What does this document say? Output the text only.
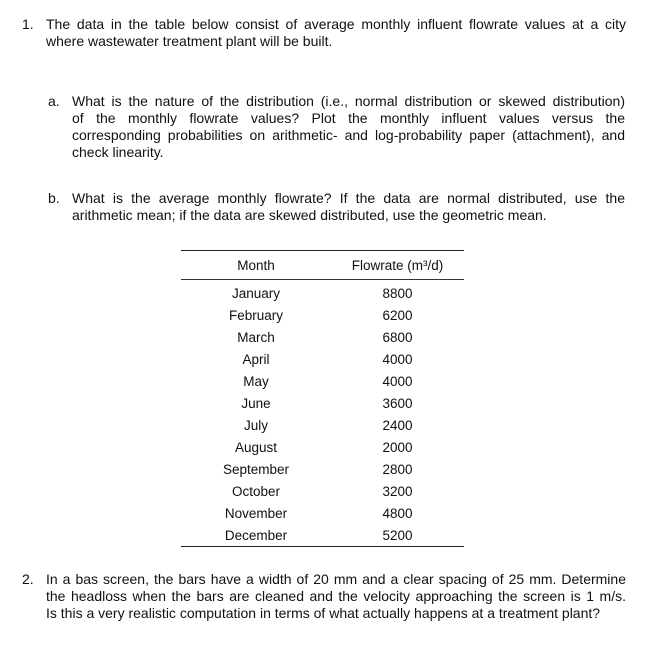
1. The data in the table below consist of average monthly influent flowrate values at a city
where wastewater treatment plant will be built.
a. What is the nature of the distribution (i.e., normal distribution or skewed distribution)
of the monthly flowrate values? Plot the monthly influent values versus the
corresponding probabilities on arithmetic- and log-probability paper (attachment), and
check linearity.
b. What is the average monthly flowrate? If the data are normal distributed, use the
arithmetic mean; if the data are skewed distributed, use the geometric mean.
Month	Flowrate (m³/d)
January	8800
February	6200
March	6800
April	4000
May	4000
June	3600
July	2400
August	2000
September	2800
October	3200
November	4800
December	5200
2. In a bas screen, the bars have a width of 20 mm and a clear spacing of 25 mm. Determine
the headloss when the bars are cleaned and the velocity approaching the screen is 1 m/s.
Is this a very realistic computation in terms of what actually happens at a treatment plant?
